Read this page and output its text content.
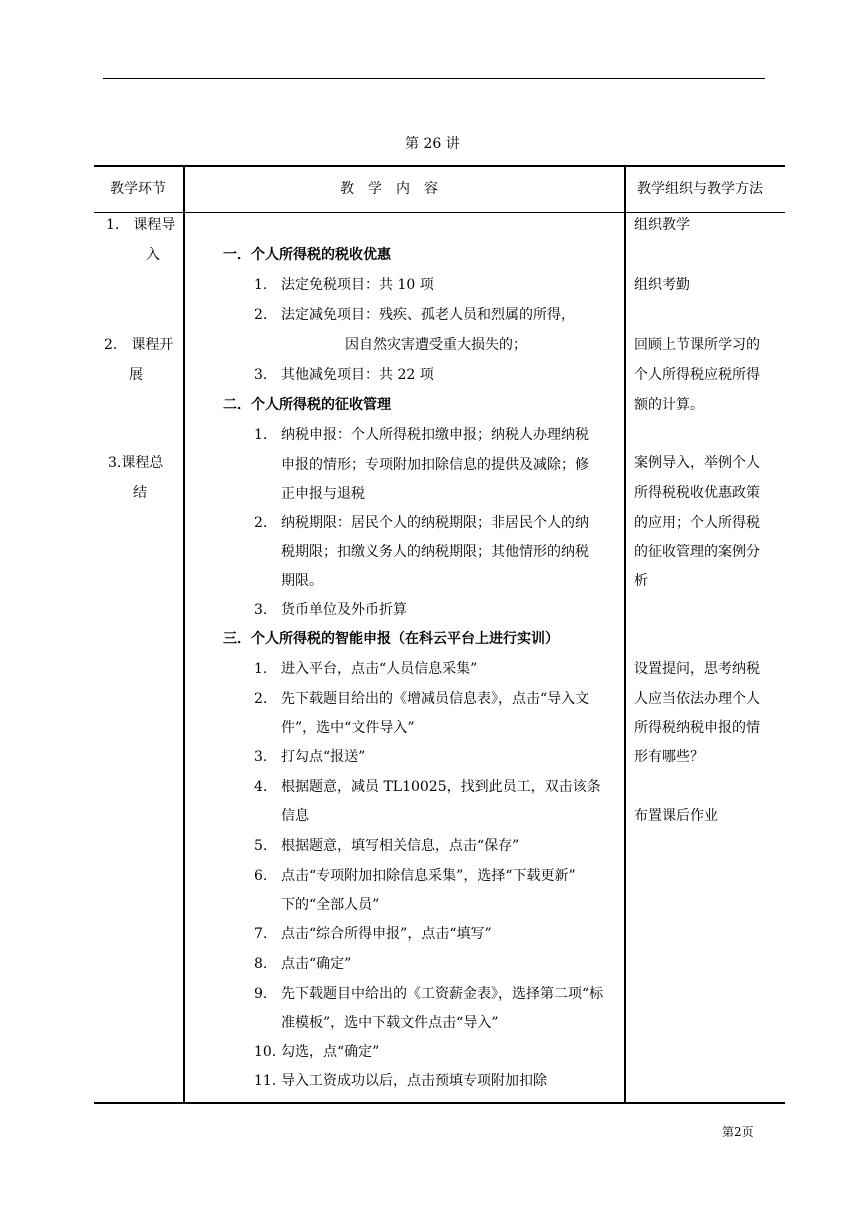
第 26 讲
教学环节	教　学　内　容	教学组织与教学方法
1.　课程导
入
2.　课程开
展
3.课程总
结
一．个人所得税的税收优惠
1. 法定免税项目：共 10 项
2. 法定减免项目：残疾、孤老人员和烈属的所得，
因自然灾害遭受重大损失的；
3. 其他减免项目：共 22 项
二．个人所得税的征收管理
1. 纳税申报：个人所得税扣缴申报；纳税人办理纳税
申报的情形；专项附加扣除信息的提供及减除；修
正申报与退税
2. 纳税期限：居民个人的纳税期限；非居民个人的纳
税期限；扣缴义务人的纳税期限；其他情形的纳税
期限。
3. 货币单位及外币折算
三．个人所得税的智能申报（在科云平台上进行实训）
1. 进入平台，点击“人员信息采集”
2. 先下载题目给出的《增减员信息表》，点击“导入文
件”，选中“文件导入”
3. 打勾点“报送”
4. 根据题意，减员 TL10025，找到此员工，双击该条
信息
5. 根据题意，填写相关信息，点击“保存”
6. 点击“专项附加扣除信息采集”，选择“下载更新”
下的“全部人员”
7. 点击“综合所得申报”，点击“填写”
8. 点击“确定”
9. 先下载题目中给出的《工资薪金表》，选择第二项“标
准模板”，选中下载文件点击“导入”
10. 勾选，点“确定”
11. 导入工资成功以后，点击预填专项附加扣除
组织教学
组织考勤
回顾上节课所学习的
个人所得税应税所得
额的计算。
案例导入，举例个人
所得税税收优惠政策
的应用；个人所得税
的征收管理的案例分
析
设置提问，思考纳税
人应当依法办理个人
所得税纳税申报的情
形有哪些？
布置课后作业
第2页
